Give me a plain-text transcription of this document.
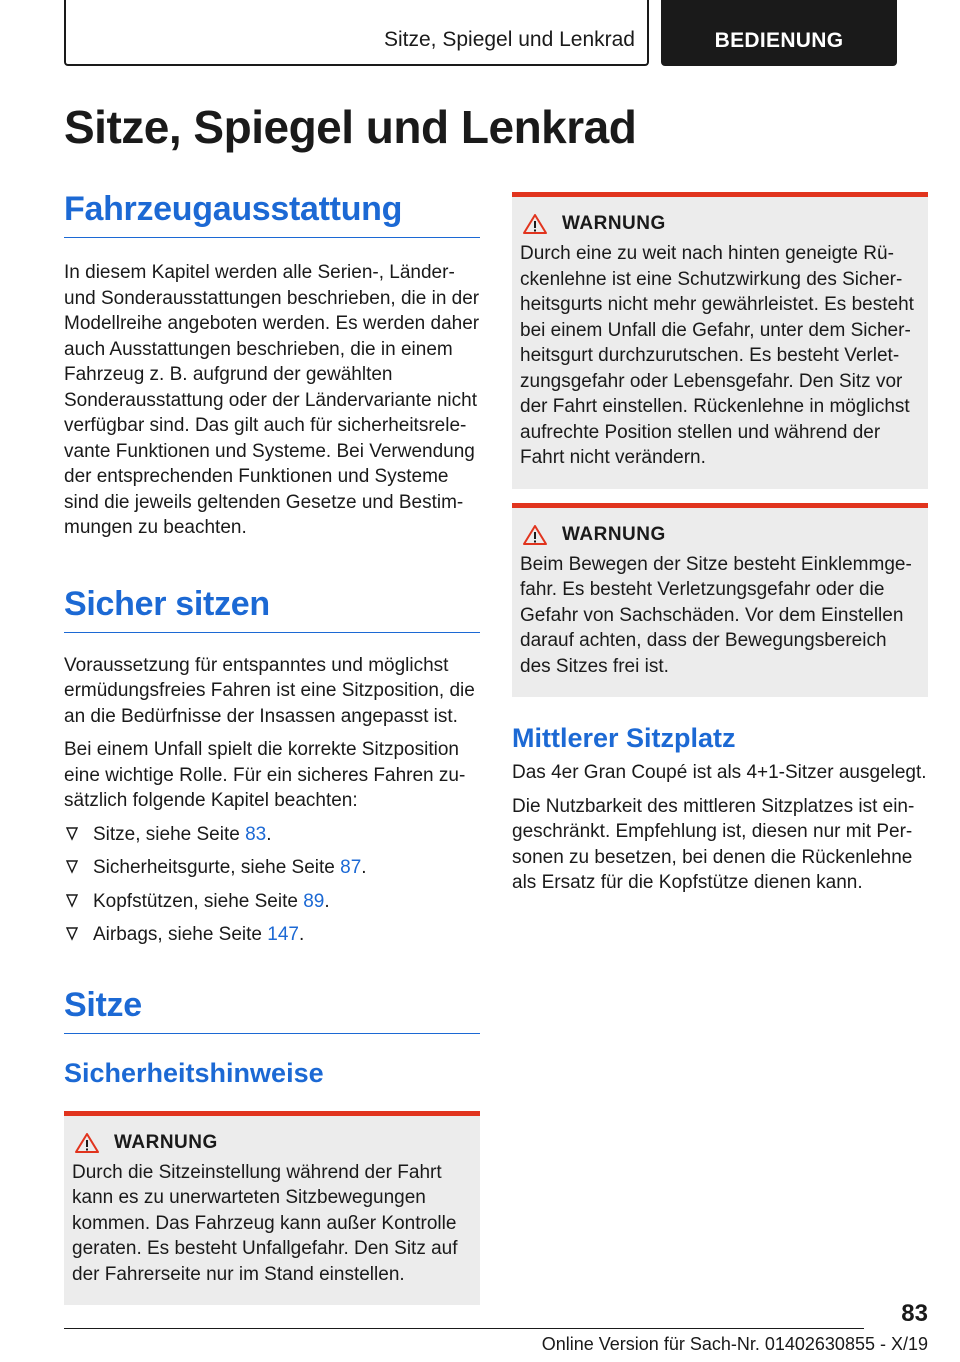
Sitze, Spiegel und Lenkrad	BEDIENUNG
Sitze, Spiegel und Lenkrad
Fahrzeugausstattung

In diesem Kapitel werden alle Serien-, Länder- und Sonderausstattungen beschrieben, die in der Modellreihe angeboten werden. Es werden daher auch Ausstattungen beschrieben, die in einem Fahrzeug z. B. aufgrund der gewählten Sonderausstattung oder der Ländervariante nicht verfügbar sind. Das gilt auch für sicherheitsrelevante Funktionen und Systeme. Bei Verwendung der entsprechenden Funktionen und Systeme sind die jeweils geltenden Gesetze und Bestimmungen zu beachten.

Sicher sitzen

Voraussetzung für entspanntes und möglichst ermüdungsfreies Fahren ist eine Sitzposition, die an die Bedürfnisse der Insassen angepasst ist.

Bei einem Unfall spielt die korrekte Sitzposition eine wichtige Rolle. Für ein sicheres Fahren zusätzlich folgende Kapitel beachten:

Sitze, siehe Seite 83.
Sicherheitsgurte, siehe Seite 87.
Kopfstützen, siehe Seite 89.
Airbags, siehe Seite 147.
Sitze
Sicherheitshinweise
WARNUNG

Durch die Sitzeinstellung während der Fahrt kann es zu unerwarteten Sitzbewegungen kommen. Das Fahrzeug kann außer Kontrolle geraten. Es besteht Unfallgefahr. Den Sitz auf der Fahrerseite nur im Stand einstellen.

WARNUNG

Durch eine zu weit nach hinten geneigte Rückenlehne ist eine Schutzwirkung des Sicherheitsgurts nicht mehr gewährleistet. Es besteht bei einem Unfall die Gefahr, unter dem Sicherheitsgurt durchzurutschen. Es besteht Verletzungsgefahr oder Lebensgefahr. Den Sitz vor der Fahrt einstellen. Rückenlehne in möglichst aufrechte Position stellen und während der Fahrt nicht verändern.

WARNUNG

Beim Bewegen der Sitze besteht Einklemmgefahr. Es besteht Verletzungsgefahr oder die Gefahr von Sachschäden. Vor dem Einstellen darauf achten, dass der Bewegungsbereich des Sitzes frei ist.

Mittlerer Sitzplatz

Das 4er Gran Coupé ist als 4+1-Sitzer ausgelegt.

Die Nutzbarkeit des mittleren Sitzplatzes ist eingeschränkt. Empfehlung ist, diesen nur mit Personen zu besetzen, bei denen die Rückenlehne als Ersatz für die Kopfstütze dienen kann.

83
Online Version für Sach-Nr. 01402630855 - X/19
